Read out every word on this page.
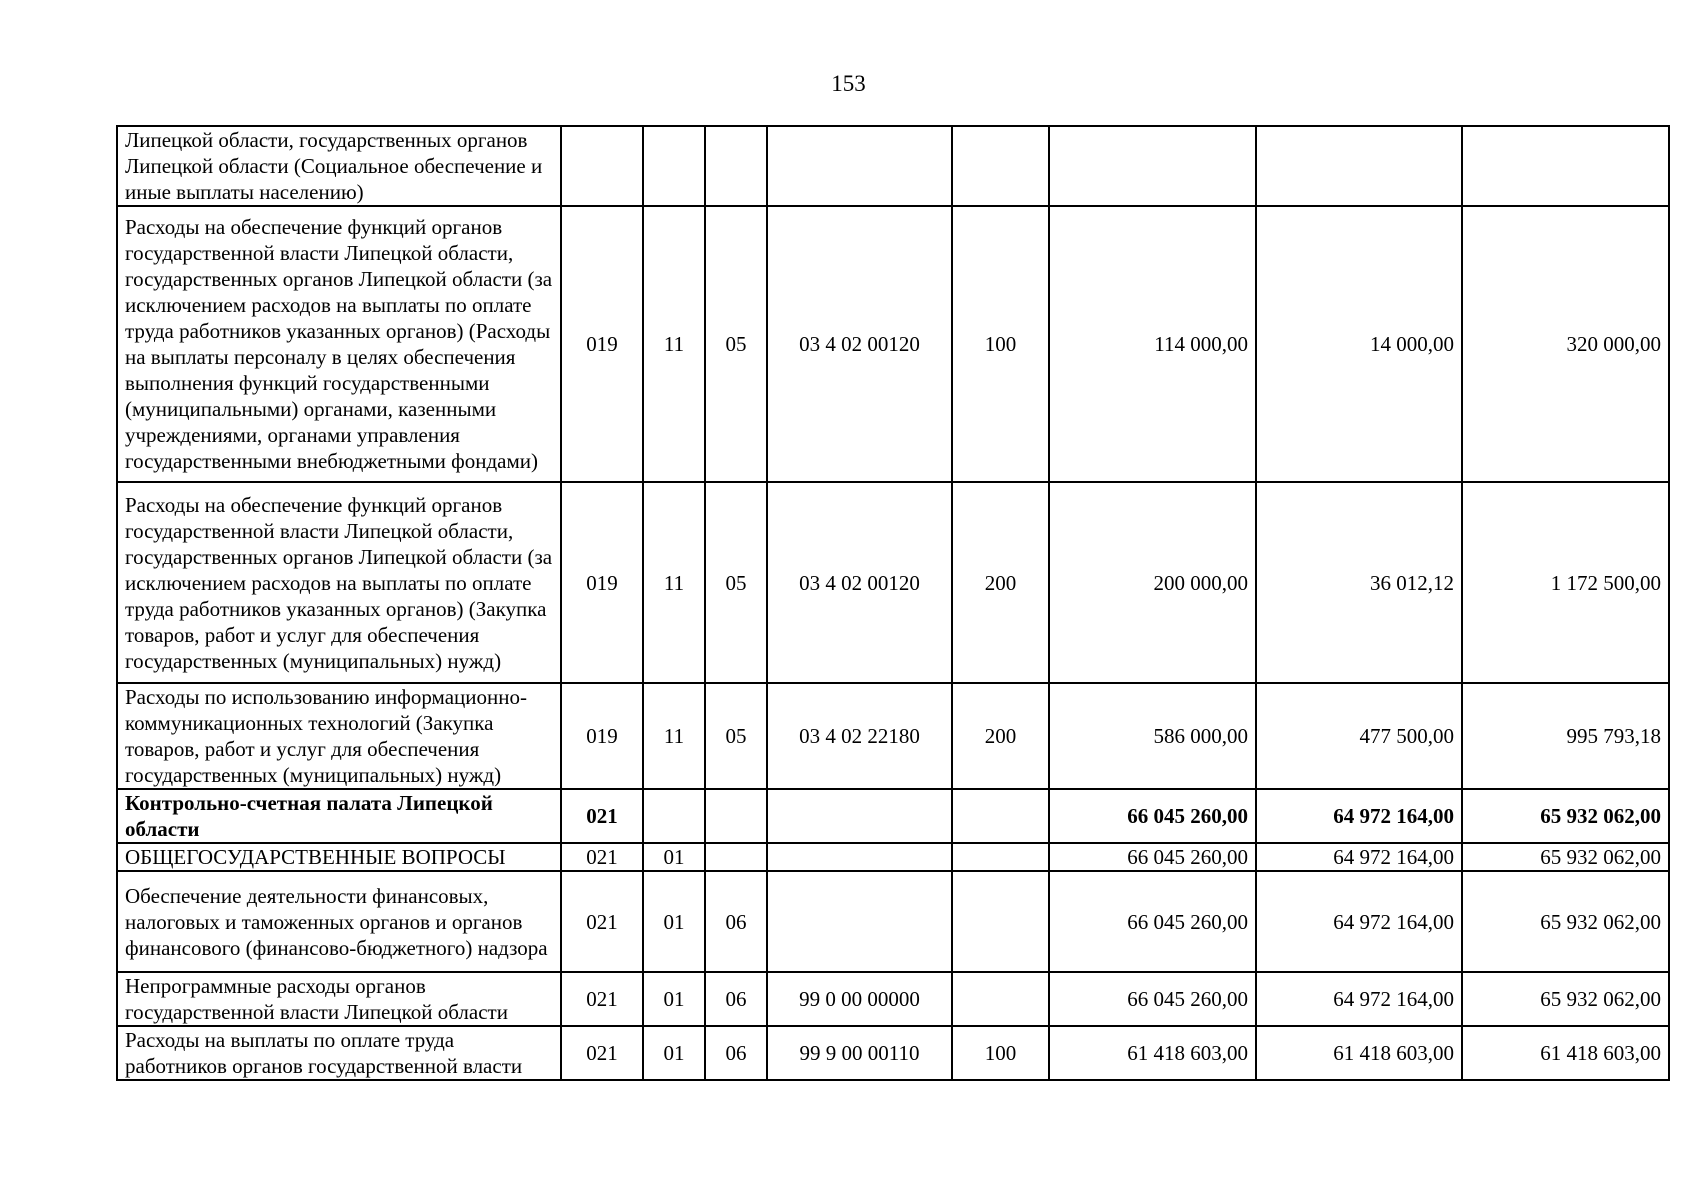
153
Липецкой области, государственных органов Липецкой области (Социальное обеспечение и иные выплаты населению)								
Расходы на обеспечение функций органов государственной власти Липецкой области, государственных органов Липецкой области (за исключением расходов на выплаты по оплате труда работников указанных органов) (Расходы на выплаты персоналу в целях обеспечения выполнения функций государственными (муниципальными) органами, казенными учреждениями, органами управления государственными внебюджетными фондами)	019	11	05	03 4 02 00120	100	114 000,00	14 000,00	320 000,00
Расходы на обеспечение функций органов государственной власти Липецкой области, государственных органов Липецкой области (за исключением расходов на выплаты по оплате труда работников указанных органов) (Закупка товаров, работ и услуг для обеспечения государственных (муниципальных) нужд)	019	11	05	03 4 02 00120	200	200 000,00	36 012,12	1 172 500,00
Расходы по использованию информационно-коммуникационных технологий (Закупка товаров, работ и услуг для обеспечения государственных (муниципальных) нужд)	019	11	05	03 4 02 22180	200	586 000,00	477 500,00	995 793,18
Контрольно-счетная палата Липецкой области	021					66 045 260,00	64 972 164,00	65 932 062,00
ОБЩЕГОСУДАРСТВЕННЫЕ ВОПРОСЫ	021	01				66 045 260,00	64 972 164,00	65 932 062,00
Обеспечение деятельности финансовых, налоговых и таможенных органов и органов финансового (финансово-бюджетного) надзора	021	01	06			66 045 260,00	64 972 164,00	65 932 062,00
Непрограммные расходы органов государственной власти Липецкой области	021	01	06	99 0 00 00000		66 045 260,00	64 972 164,00	65 932 062,00
Расходы на выплаты по оплате труда работников органов государственной власти	021	01	06	99 9 00 00110	100	61 418 603,00	61 418 603,00	61 418 603,00
